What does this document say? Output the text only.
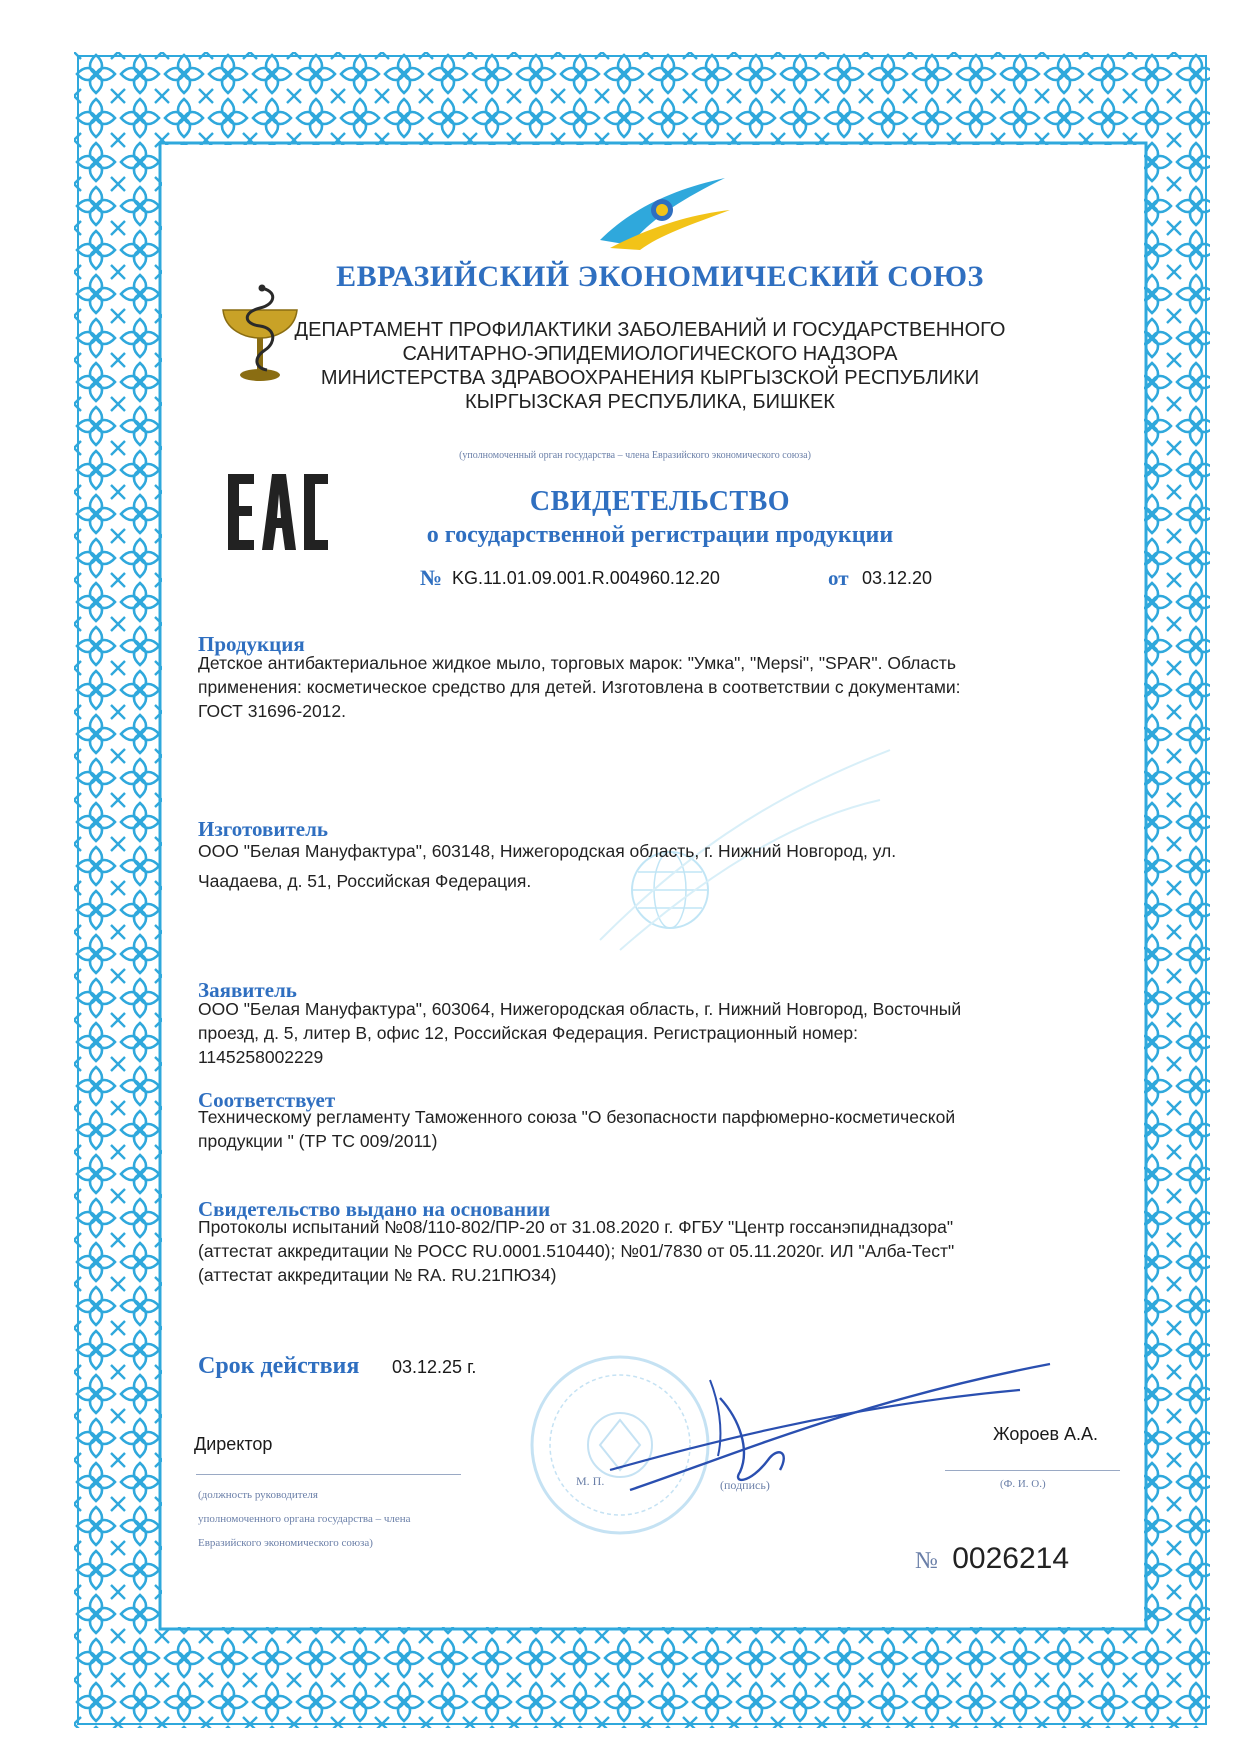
ЕВРАЗИЙСКИЙ ЭКОНОМИЧЕСКИЙ СОЮЗ
ДЕПАРТАМЕНТ ПРОФИЛАКТИКИ ЗАБОЛЕВАНИЙ И ГОСУДАРСТВЕННОГО
САНИТАРНО-ЭПИДЕМИОЛОГИЧЕСКОГО НАДЗОРА
МИНИСТЕРСТВА ЗДРАВООХРАНЕНИЯ КЫРГЫЗСКОЙ РЕСПУБЛИКИ
КЫРГЫЗСКАЯ РЕСПУБЛИКА, БИШКЕК
(уполномоченный орган государства – члена Евразийского экономического союза)
СВИДЕТЕЛЬСТВО
о государственной регистрации продукции
№ KG.11.01.09.001.R.004960.12.20	от 03.12.20
Продукция
Детское антибактериальное жидкое мыло, торговых марок: "Умка", "Mepsi", "SPAR". Область
применения: косметическое средство для детей. Изготовлена в соответствии с документами:
ГОСТ 31696-2012.
Изготовитель
ООО "Белая Мануфактура", 603148, Нижегородская область, г. Нижний Новгород, ул.
Чаадаева, д. 51, Российская Федерация.
Заявитель
ООО "Белая Мануфактура", 603064, Нижегородская область, г. Нижний Новгород, Восточный
проезд, д. 5, литер В, офис 12, Российская Федерация. Регистрационный номер:
1145258002229
Соответствует
Техническому регламенту Таможенного союза "О безопасности парфюмерно-косметической
продукции " (ТР ТС 009/2011)
Свидетельство выдано на основании
Протоколы испытаний №08/110-802/ПР-20 от 31.08.2020 г. ФГБУ "Центр госсанэпиднадзора"
(аттестат аккредитации № РОСС RU.0001.510440); №01/7830 от 05.11.2020г. ИЛ "Алба-Тест"
(аттестат аккредитации № RA. RU.21ПЮ34)
Срок действия 03.12.25 г.
Директор
(должность руководителя
уполномоченного органа государства – члена
Евразийского экономического союза)
М. П.	(подпись)
Жороев А.А.
(Ф. И. О.)
№ 0026214
